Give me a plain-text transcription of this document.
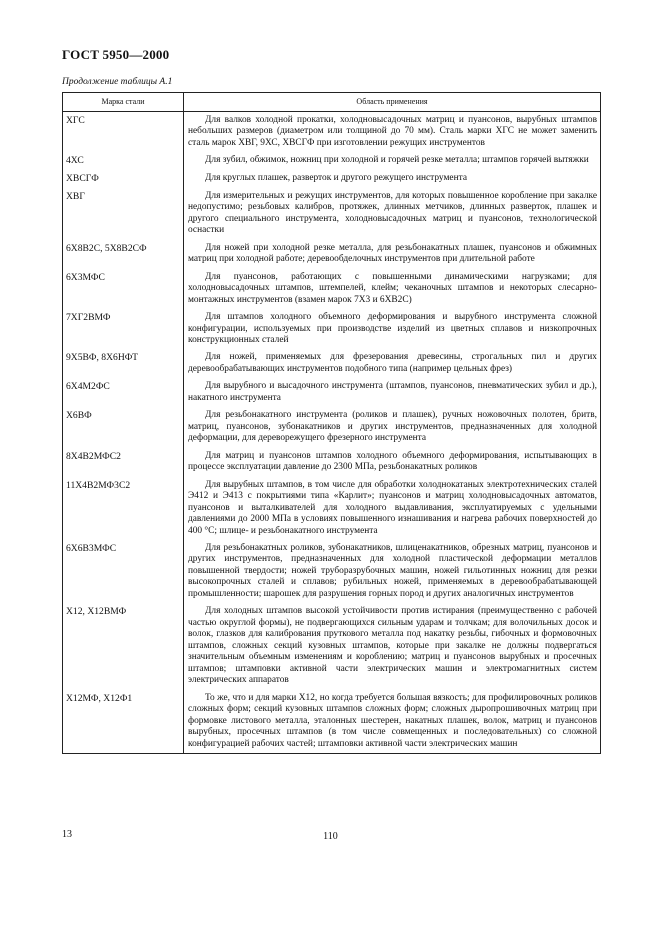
ГОСТ 5950—2000
Продолжение таблицы А.1
Марка стали	Область применения
ХГС	Для валков холодной прокатки, холодновысадочных матриц и пуансонов, вырубных штампов небольших размеров (диаметром или толщиной до 70 мм). Сталь марки ХГС не может заменить сталь марок ХВГ, 9ХС, ХВСГФ при изготовлении режущих инструментов
4ХС	Для зубил, обжимок, ножниц при холодной и горячей резке металла; штампов горячей вытяжки
ХВСГФ	Для круглых плашек, разверток и другого режущего инструмента
ХВГ	Для измерительных и режущих инструментов, для которых повышенное коробление при закалке недопустимо; резьбовых калибров, протяжек, длинных метчиков, длинных разверток, плашек и другого специального инструмента, холодновысадочных матриц и пуансонов, технологической оснастки
6Х8В2С, 5Х8В2СФ	Для ножей при холодной резке металла, для резьбонакатных плашек, пуансонов и обжимных матриц при холодной работе; деревообделочных инструментов при длительной работе
6Х3МФС	Для пуансонов, работающих с повышенными динамическими нагрузками; для холодновысадочных штампов, штемпелей, клейм; чеканочных штампов и некоторых слесарно-монтажных инструментов (взамен марок 7Х3 и 6ХВ2С)
7ХГ2ВМФ	Для штампов холодного объемного деформирования и вырубного инструмента сложной конфигурации, используемых при производстве изделий из цветных сплавов и низкопрочных конструкционных сталей
9Х5ВФ, 8Х6НФТ	Для ножей, применяемых для фрезерования древесины, строгальных пил и других деревообрабатывающих инструментов подобного типа (например цельных фрез)
6Х4М2ФС	Для вырубного и высадочного инструмента (штампов, пуансонов, пневматических зубил и др.), накатного инструмента
Х6ВФ	Для резьбонакатного инструмента (роликов и плашек), ручных ножовочных полотен, бритв, матриц, пуансонов, зубонакатников и других инструментов, предназначенных для холодной деформации, для дереворежущего фрезерного инструмента
8Х4В2МФС2	Для матриц и пуансонов штампов холодного объемного деформирования, испытывающих в процессе эксплуатации давление до 2300 МПа, резьбонакатных роликов
11Х4В2МФ3С2	Для вырубных штампов, в том числе для обработки холоднокатаных электротехнических сталей Э412 и Э413 с покрытиями типа «Карлит»; пуансонов и матриц холодновысадочных автоматов, пуансонов и выталкивателей для холодного выдавливания, эксплуатируемых с удельными давлениями до 2000 МПа в условиях повышенного изнашивания и нагрева рабочих поверхностей до 400 °С; шлице- и резьбонакатного инструмента
6Х6В3МФС	Для резьбонакатных роликов, зубонакатников, шлиценакатников, обрезных матриц, пуансонов и других инструментов, предназначенных для холодной пластической деформации металлов повышенной твердости; ножей труборазрубочных машин, ножей гильотинных ножниц для резки высокопрочных сталей и сплавов; рубильных ножей, применяемых в деревообрабатывающей промышленности; шарошек для разрушения горных пород и других аналогичных инструментов
Х12, Х12ВМФ	Для холодных штампов высокой устойчивости против истирания (преимущественно с рабочей частью округлой формы), не подвергающихся сильным ударам и толчкам; для волочильных досок и волок, глазков для калибрования пруткового металла под накатку резьбы, гибочных и формовочных штампов, сложных секций кузовных штампов, которые при закалке не должны подвергаться значительным объемным изменениям и короблению; матриц и пуансонов вырубных и просечных штампов; штамповки активной части электрических машин и электромагнитных систем электрических аппаратов
Х12МФ, Х12Ф1	То же, что и для марки Х12, но когда требуется большая вязкость; для профилировочных роликов сложных форм; секций кузовных штампов сложных форм; сложных дыропрошивочных матриц при формовке листового металла, эталонных шестерен, накатных плашек, волок, матриц и пуансонов вырубных, просечных штампов (в том числе совмещенных и последовательных) со сложной конфигурацией рабочих частей; штамповки активной части электрических машин
13	110
